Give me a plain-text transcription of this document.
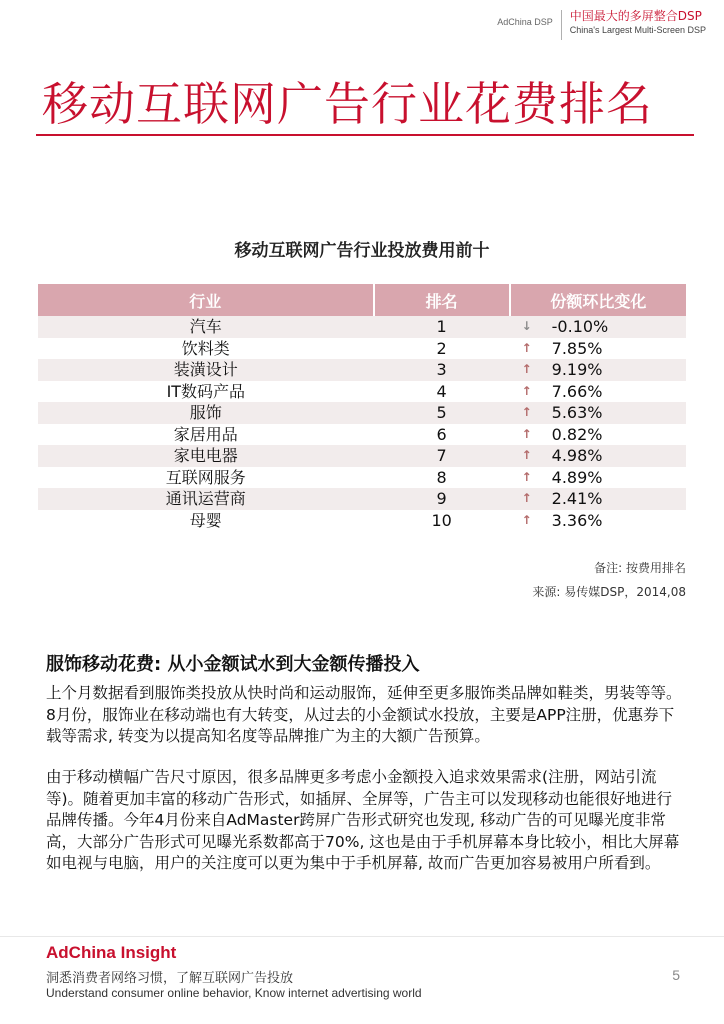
AdChina DSP 中国最大的多屏整合DSP
China's Largest Multi-Screen DSP
移动互联网广告行业花费排名
移动互联网广告行业投放费用前十
行业	排名	份额环比变化
汽车	1	↓ -0.10%

饮料类	2	↑ 7.85%

装潢设计	3	↑ 9.19%

IT数码产品	4	↑ 7.66%

服饰	5	↑ 5.63%

家居用品	6	↑ 0.82%

家电电器	7	↑ 4.98%

互联网服务	8	↑ 4.89%

通讯运营商	9	↑ 2.41%

母婴	10	↑ 3.36%
备注: 按费用排名
来源: 易传媒DSP，2014,08
服饰移动花费: 从小金额试水到大金额传播投入

上个月数据看到服饰类投放从快时尚和运动服饰，延伸至更多服饰类品牌如鞋类，男装等等。8月份，服饰业在移动端也有大转变，从过去的小金额试水投放，主要是APP注册，优惠券下载等需求, 转变为以提高知名度等品牌推广为主的大额广告预算。

由于移动横幅广告尺寸原因，很多品牌更多考虑小金额投入追求效果需求(注册，网站引流等)。随着更加丰富的移动广告形式，如插屏、全屏等，广告主可以发现移动也能很好地进行品牌传播。今年4月份来自AdMaster跨屏广告形式研究也发现, 移动广告的可见曝光度非常高，大部分广告形式可见曝光系数都高于70%, 这也是由于手机屏幕本身比较小，相比大屏幕如电视与电脑，用户的关注度可以更为集中于手机屏幕, 故而广告更加容易被用户所看到。

AdChina Insight
洞悉消费者网络习惯，了解互联网广告投放
Understand consumer online behavior, Know internet advertising world
5
